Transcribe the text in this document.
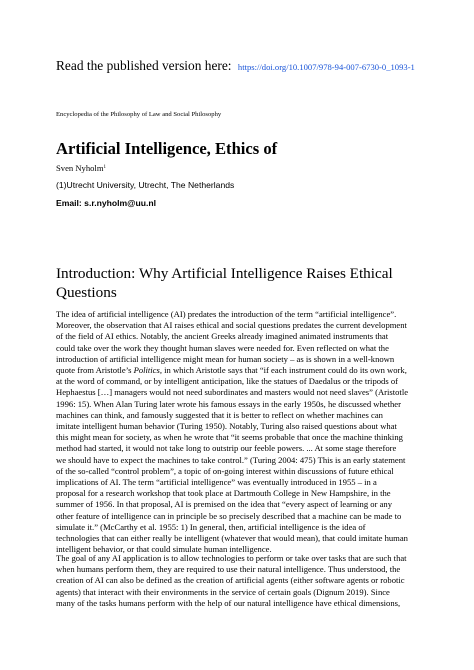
Read the published version here: https://doi.org/10.1007/978-94-007-6730-0_1093-1
Encyclopedia of the Philosophy of Law and Social Philosophy
Artificial Intelligence, Ethics of
Sven Nyholm$^1$
(1)Utrecht University, Utrecht, The Netherlands
Email: s.r.nyholm@uu.nl
Introduction: Why Artificial Intelligence Raises Ethical Questions
The idea of artificial intelligence (AI) predates the introduction of the term “artificial intelligence”.
Moreover, the observation that AI raises ethical and social questions predates the current development
of the field of AI ethics. Notably, the ancient Greeks already imagined animated instruments that
could take over the work they thought human slaves were needed for. Even reflected on what the
introduction of artificial intelligence might mean for human society – as is shown in a well-known
quote from Aristotle’s Politics, in which Aristotle says that “if each instrument could do its own work,
at the word of command, or by intelligent anticipation, like the statues of Daedalus or the tripods of
Hephaestus […] managers would not need subordinates and masters would not need slaves” (Aristotle
1996: 15). When Alan Turing later wrote his famous essays in the early 1950s, he discussed whether
machines can think, and famously suggested that it is better to reflect on whether machines can
imitate intelligent human behavior (Turing 1950). Notably, Turing also raised questions about what
this might mean for society, as when he wrote that “it seems probable that once the machine thinking
method had started, it would not take long to outstrip our feeble powers. ... At some stage therefore
we should have to expect the machines to take control.” (Turing 2004: 475) This is an early statement
of the so-called “control problem”, a topic of on-going interest within discussions of future ethical
implications of AI. The term “artificial intelligence” was eventually introduced in 1955 – in a
proposal for a research workshop that took place at Dartmouth College in New Hampshire, in the
summer of 1956. In that proposal, AI is premised on the idea that “every aspect of learning or any
other feature of intelligence can in principle be so precisely described that a machine can be made to
simulate it.” (McCarthy et al. 1955: 1) In general, then, artificial intelligence is the idea of
technologies that can either really be intelligent (whatever that would mean), that could imitate human
intelligent behavior, or that could simulate human intelligence.
The goal of any AI application is to allow technologies to perform or take over tasks that are such that
when humans perform them, they are required to use their natural intelligence. Thus understood, the
creation of AI can also be defined as the creation of artificial agents (either software agents or robotic
agents) that interact with their environments in the service of certain goals (Dignum 2019). Since
many of the tasks humans perform with the help of our natural intelligence have ethical dimensions,
